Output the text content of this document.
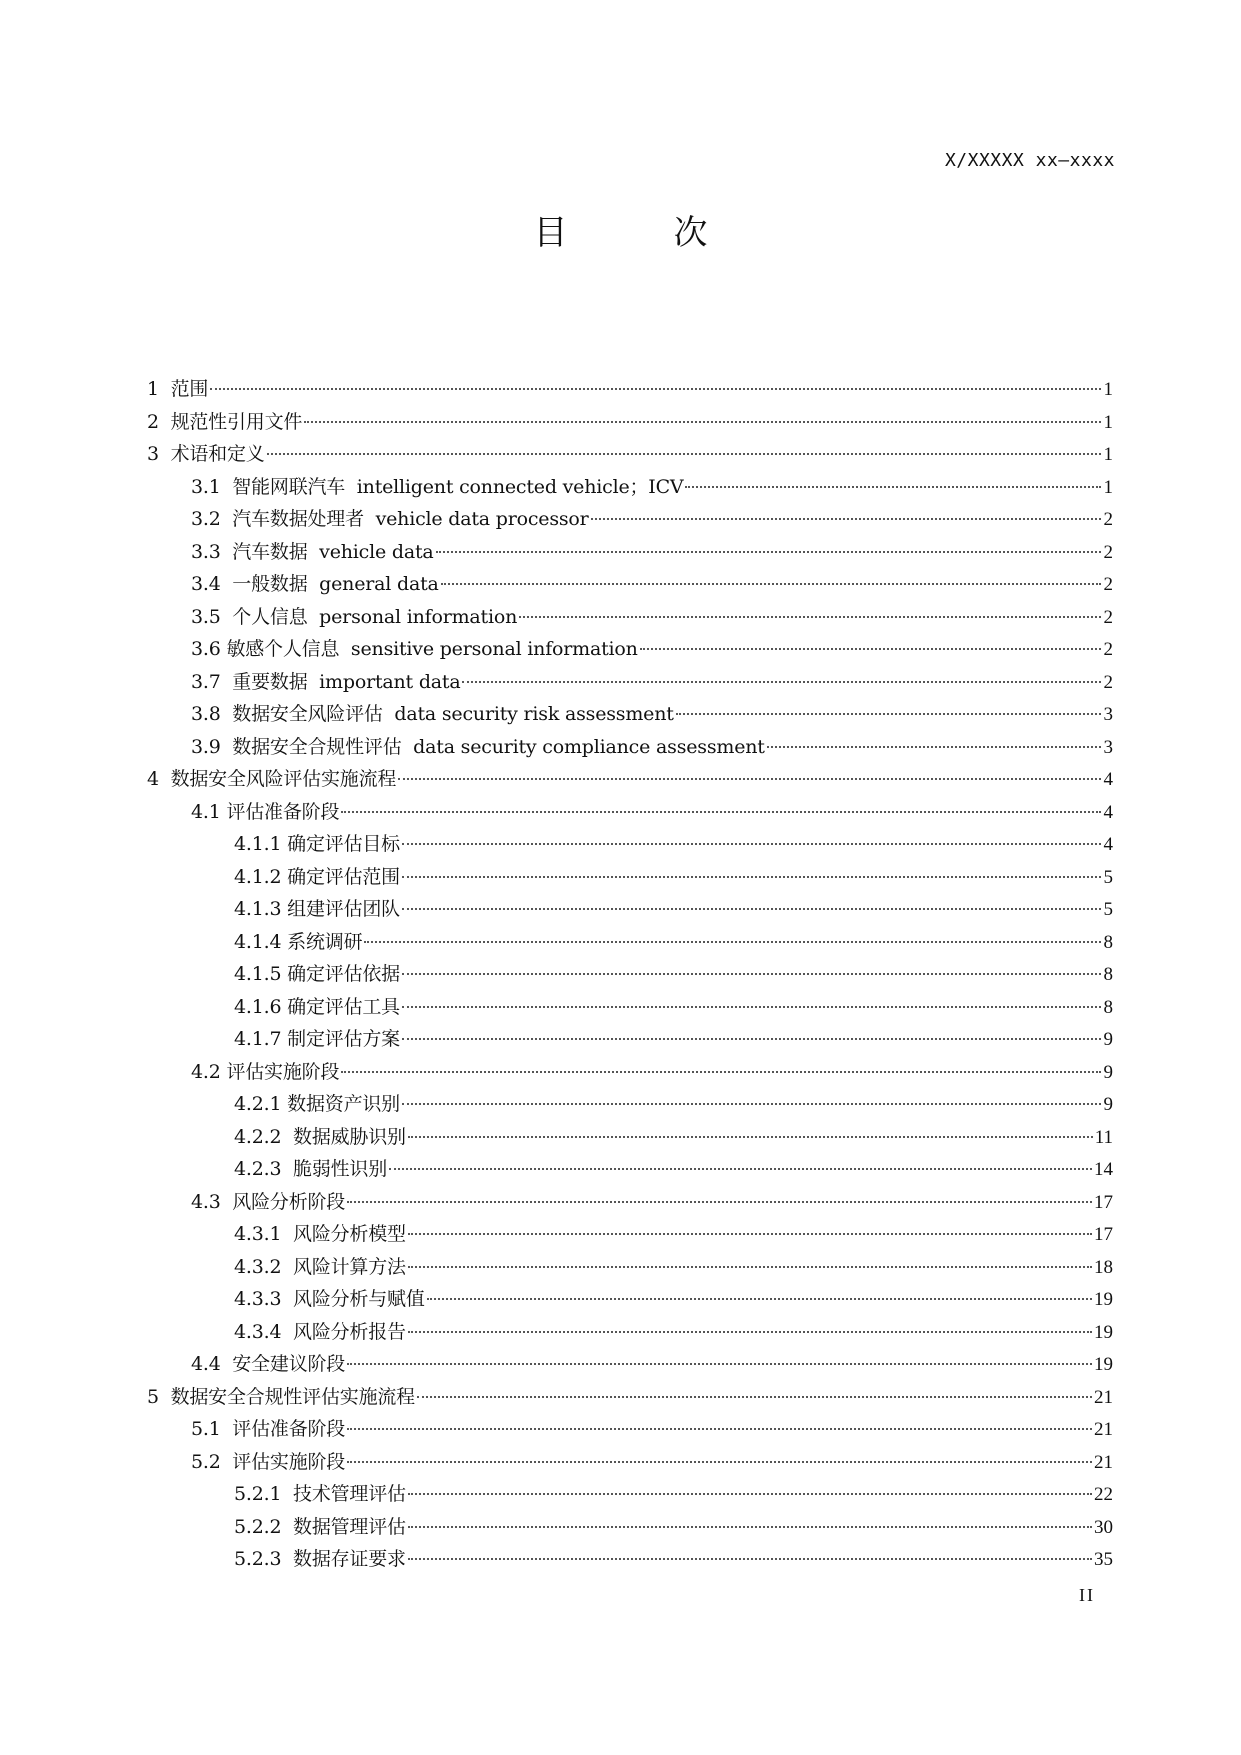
X/XXXXX xx—xxxx
目　次
1  范围	1
2  规范性引用文件	1
3  术语和定义	1
3.1  智能网联汽车  intelligent connected vehicle；ICV	1
3.2  汽车数据处理者  vehicle data processor	2
3.3  汽车数据  vehicle data	2
3.4  一般数据  general data	2
3.5  个人信息  personal information	2
3.6 敏感个人信息  sensitive personal information	2
3.7  重要数据  important data	2
3.8  数据安全风险评估  data security risk assessment	3
3.9  数据安全合规性评估  data security compliance assessment	3
4  数据安全风险评估实施流程	4
4.1 评估准备阶段	4
4.1.1 确定评估目标	4
4.1.2 确定评估范围	5
4.1.3 组建评估团队	5
4.1.4 系统调研	8
4.1.5 确定评估依据	8
4.1.6 确定评估工具	8
4.1.7 制定评估方案	9
4.2 评估实施阶段	9
4.2.1 数据资产识别	9
4.2.2  数据威胁识别	11
4.2.3  脆弱性识别	14
4.3  风险分析阶段	17
4.3.1  风险分析模型	17
4.3.2  风险计算方法	18
4.3.3  风险分析与赋值	19
4.3.4  风险分析报告	19
4.4  安全建议阶段	19
5  数据安全合规性评估实施流程	21
5.1  评估准备阶段	21
5.2  评估实施阶段	21
5.2.1  技术管理评估	22
5.2.2  数据管理评估	30
5.2.3  数据存证要求	35
II
